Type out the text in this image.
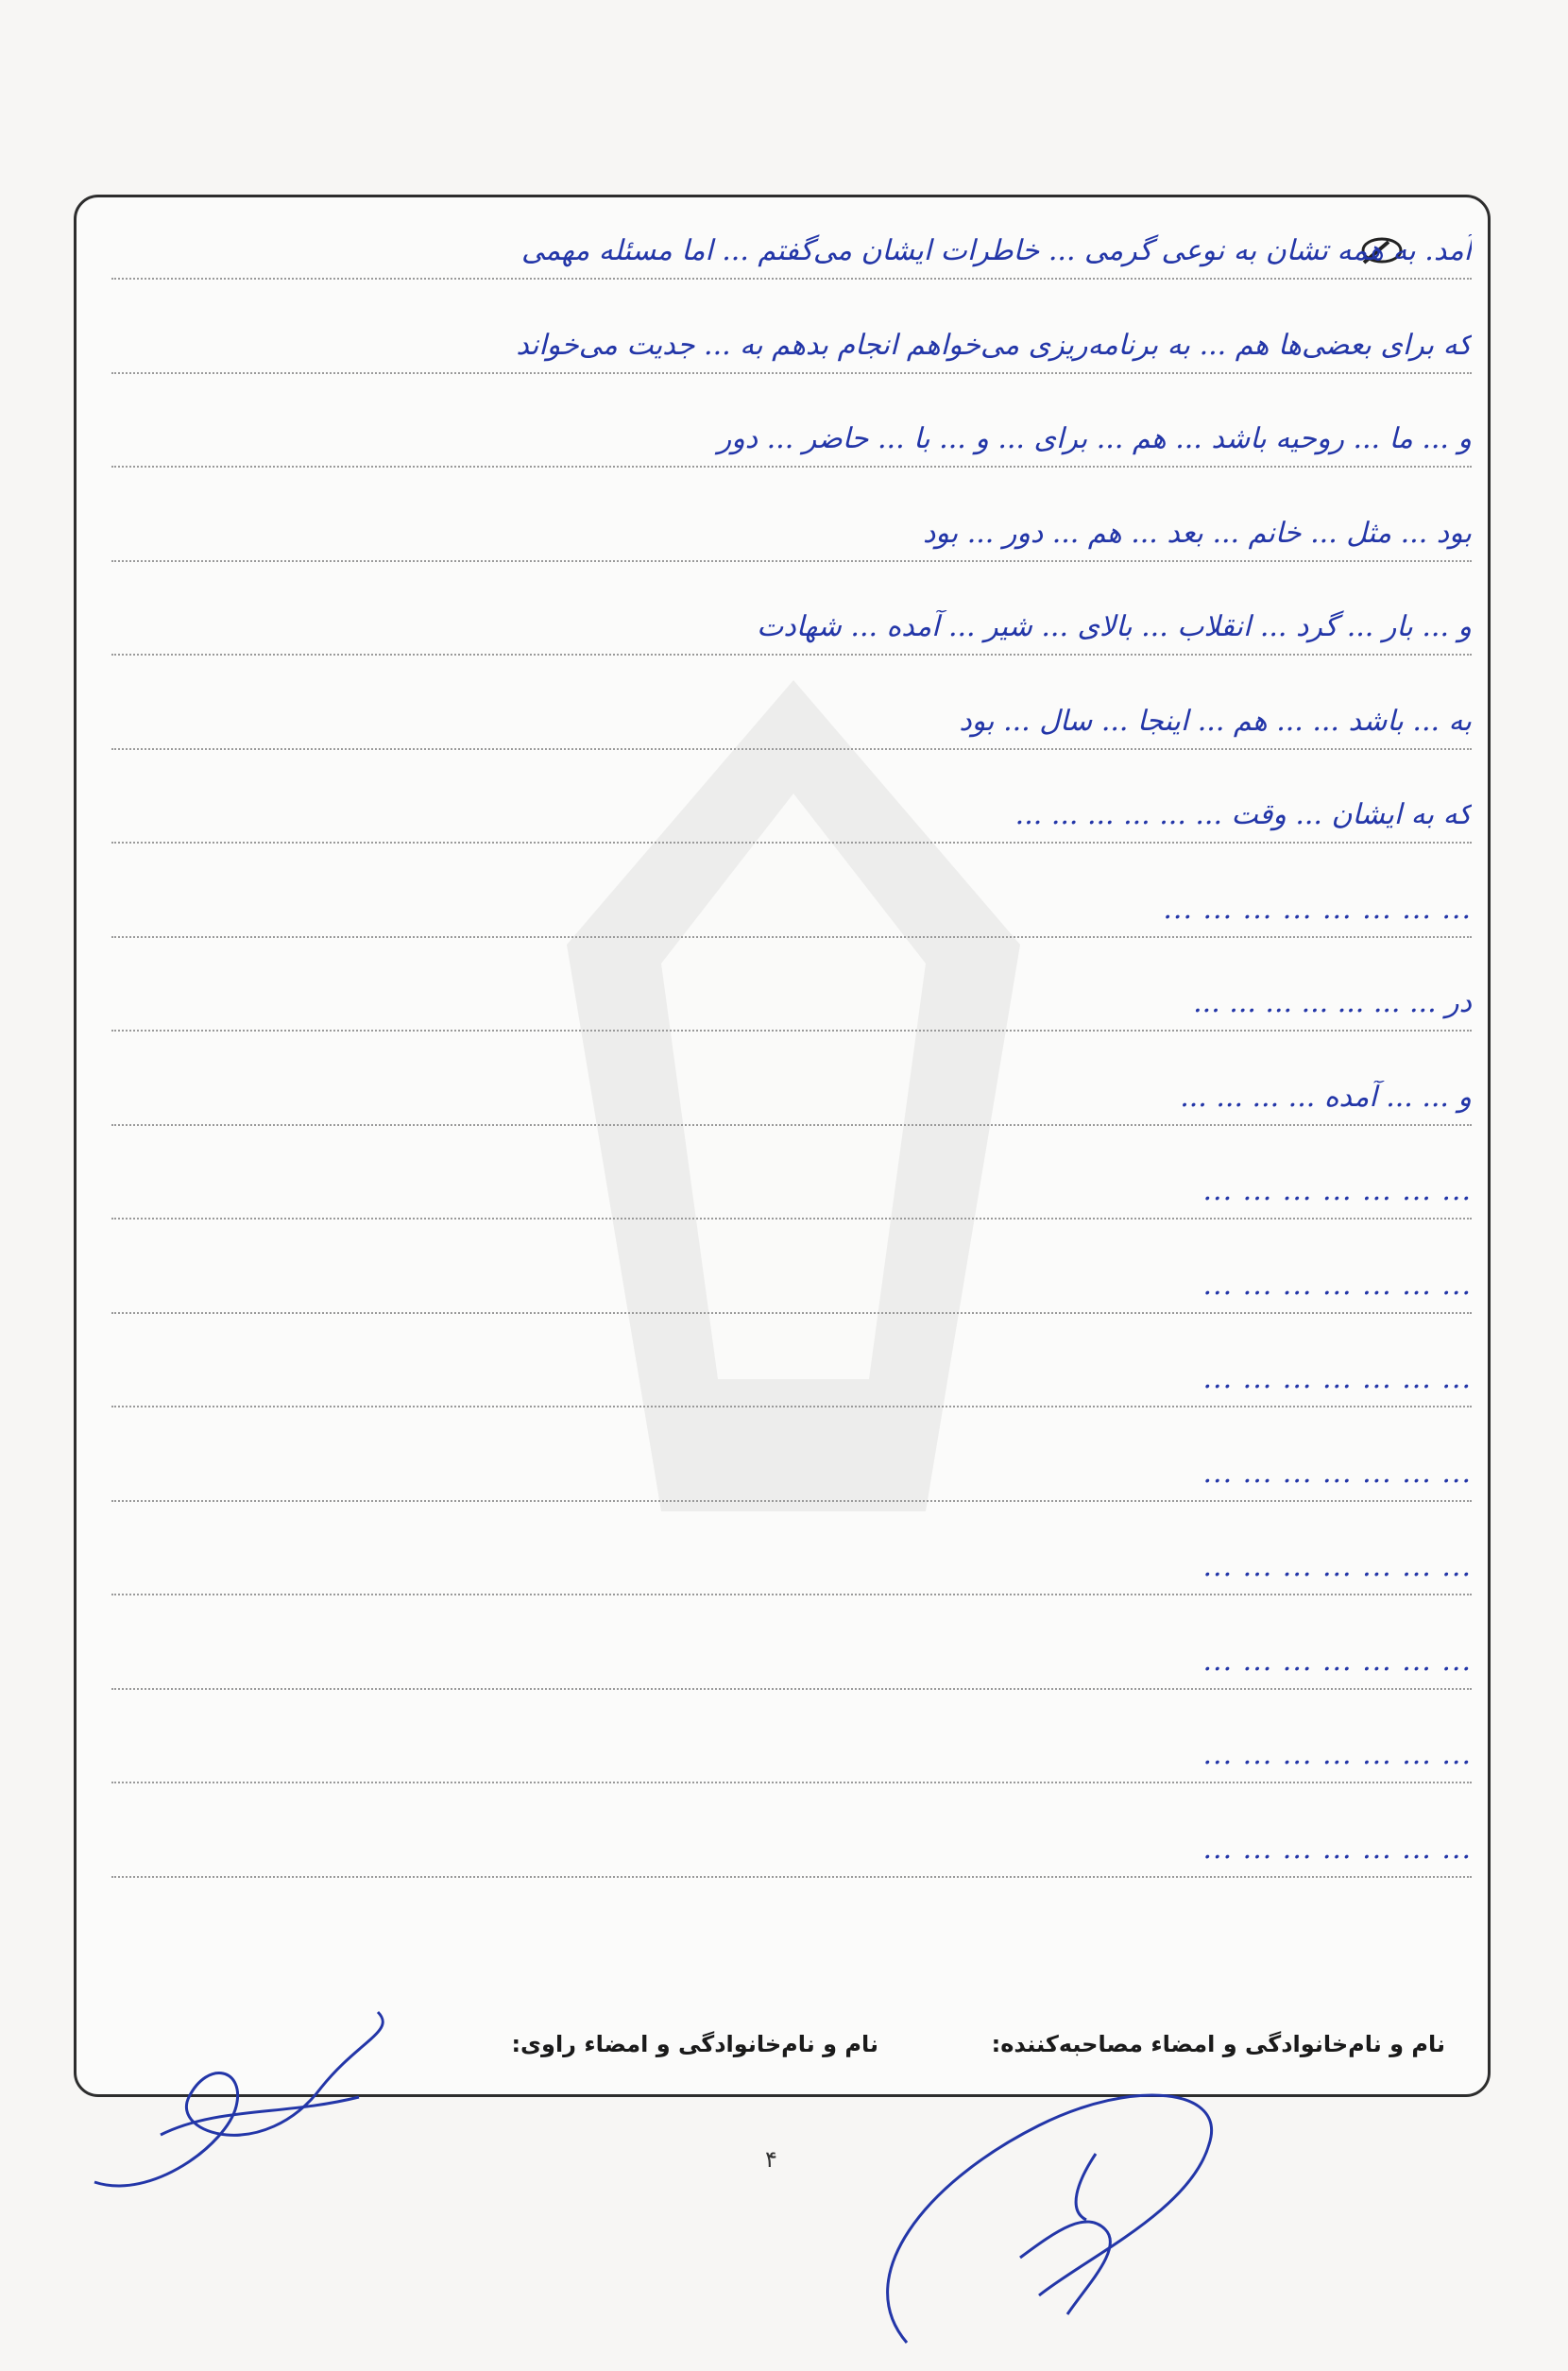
آمد. به همه تشان به نوعی گرمی ... خاطرات ایشان می‌گفتم ... اما مسئله مهمی
که برای بعضی‌ها هم ... به برنامه‌ریزی می‌خواهم انجام بدهم به ... جدیت می‌خواند
و ... ما ... روحیه باشد ... هم ... برای ... و ... با ... حاضر ... دور
بود ... مثل ... خانم ... بعد ... هم ... دور ... بود
و ... بار ... گرد ... انقلاب ... بالای ... شیر ... آمده ... شهادت
به ... باشد ... ... هم ... اینجا ... سال ... بود
که به ایشان ... وقت ... ... ... ... ... ...
... ... ... ... ... ... ... ...
در ... ... ... ... ... ... ...
و ... ... آمده ... ... ... ...
... ... ... ... ... ... ...
... ... ... ... ... ... ...
... ... ... ... ... ... ...
... ... ... ... ... ... ...
... ... ... ... ... ... ...
... ... ... ... ... ... ...
... ... ... ... ... ... ...
... ... ... ... ... ... ...
نام و نام‌خانوادگی و امضاء مصاحبه‌کننده:
نام و نام‌خانوادگی و امضاء راوی:
۴
